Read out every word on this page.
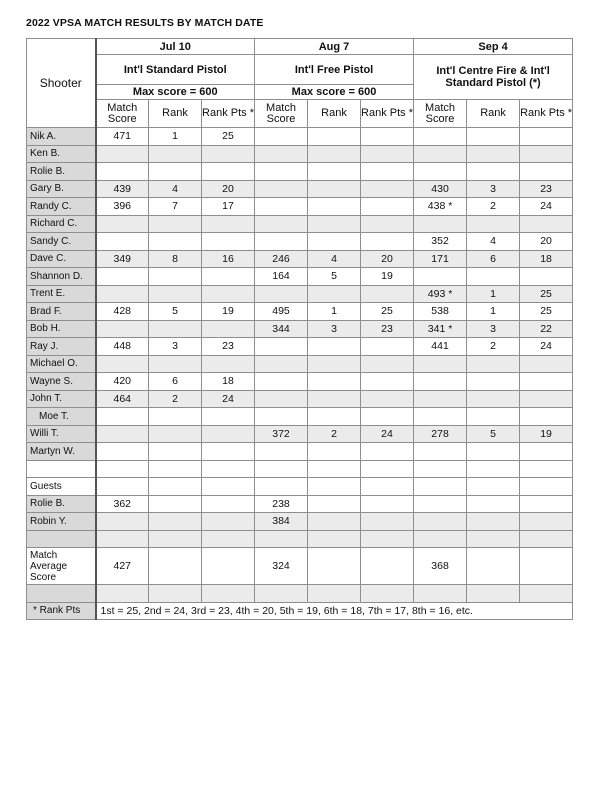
2022 VPSA MATCH RESULTS BY MATCH DATE
Shooter	Jul 10			Aug 7			Sep 4		
	Int'l Standard Pistol			Int'l Free Pistol			Int'l Centre Fire & Int'l Standard Pistol (*)		
	Max score = 600			Max score = 600					
	Match Score	Rank	Rank Pts *	Match Score	Rank	Rank Pts *	Match Score	Rank	Rank Pts *
Nik A.	471	1	25						
Ken B.									
Rolie B.									
Gary B.	439	4	20				430	3	23
Randy C.	396	7	17				438 *	2	24
Richard C.									
Sandy C.							352	4	20
Dave C.	349	8	16	246	4	20	171	6	18
Shannon D.				164	5	19			
Trent E.							493 *	1	25
Brad F.	428	5	19	495	1	25	538	1	25
Bob H.				344	3	23	341 *	3	22
Ray J.	448	3	23				441	2	24
Michael O.									
Wayne S.	420	6	18						
John T.	464	2	24						
Moe T.									
Willi T.				372	2	24	278	5	19
Martyn W.									

Guests									
Rolie B.	362			238					
Robin Y.				384					

Match Average Score	427			324			368		

* Rank Pts	1st = 25, 2nd = 24, 3rd = 23, 4th = 20, 5th = 19, 6th = 18, 7th = 17, 8th = 16, etc.								
